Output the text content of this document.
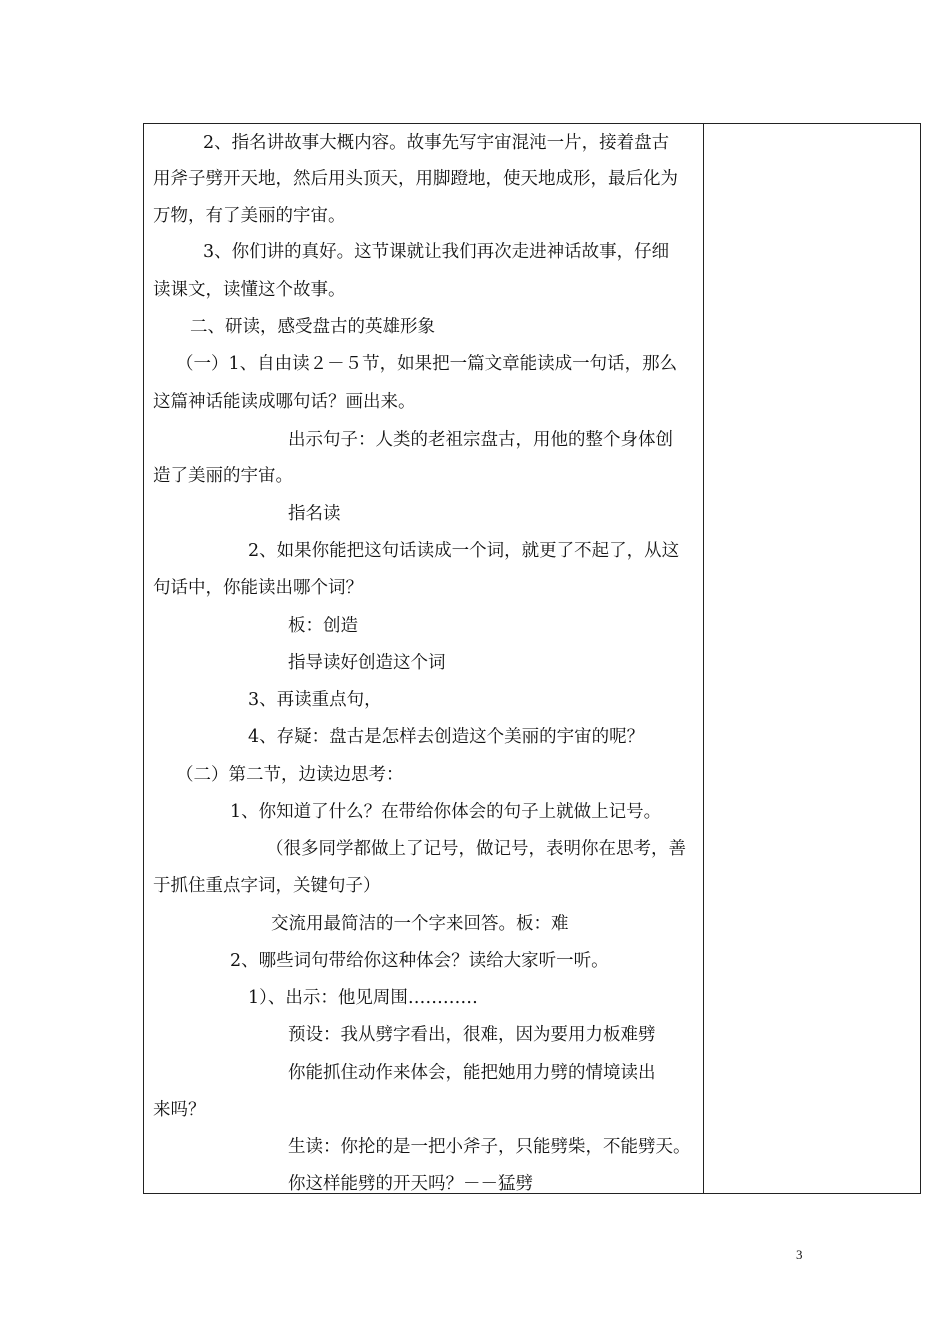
2、指名讲故事大概内容。故事先写宇宙混沌一片，接着盘古
用斧子劈开天地，然后用头顶天，用脚蹬地，使天地成形，最后化为
万物，有了美丽的宇宙。
3、你们讲的真好。这节课就让我们再次走进神话故事，仔细
读课文，读懂这个故事。
二、研读，感受盘古的英雄形象
（一）1、自由读２－５节，如果把一篇文章能读成一句话，那么
这篇神话能读成哪句话？画出来。
出示句子：人类的老祖宗盘古，用他的整个身体创
造了美丽的宇宙。
指名读
2、如果你能把这句话读成一个词，就更了不起了，从这
句话中，你能读出哪个词？
板：创造
指导读好创造这个词
3、再读重点句，
4、存疑：盘古是怎样去创造这个美丽的宇宙的呢？
（二）第二节，边读边思考：
1、你知道了什么？在带给你体会的句子上就做上记号。
（很多同学都做上了记号，做记号，表明你在思考，善
于抓住重点字词，关键句子）
交流用最简洁的一个字来回答。板：难
2、哪些词句带给你这种体会？读给大家听一听。
1）、出示：他见周围…………
预设：我从劈字看出，很难，因为要用力板难劈
你能抓住动作来体会，能把她用力劈的情境读出
来吗？
生读：你抡的是一把小斧子，只能劈柴，不能劈天。
你这样能劈的开天吗？－－猛劈
3
